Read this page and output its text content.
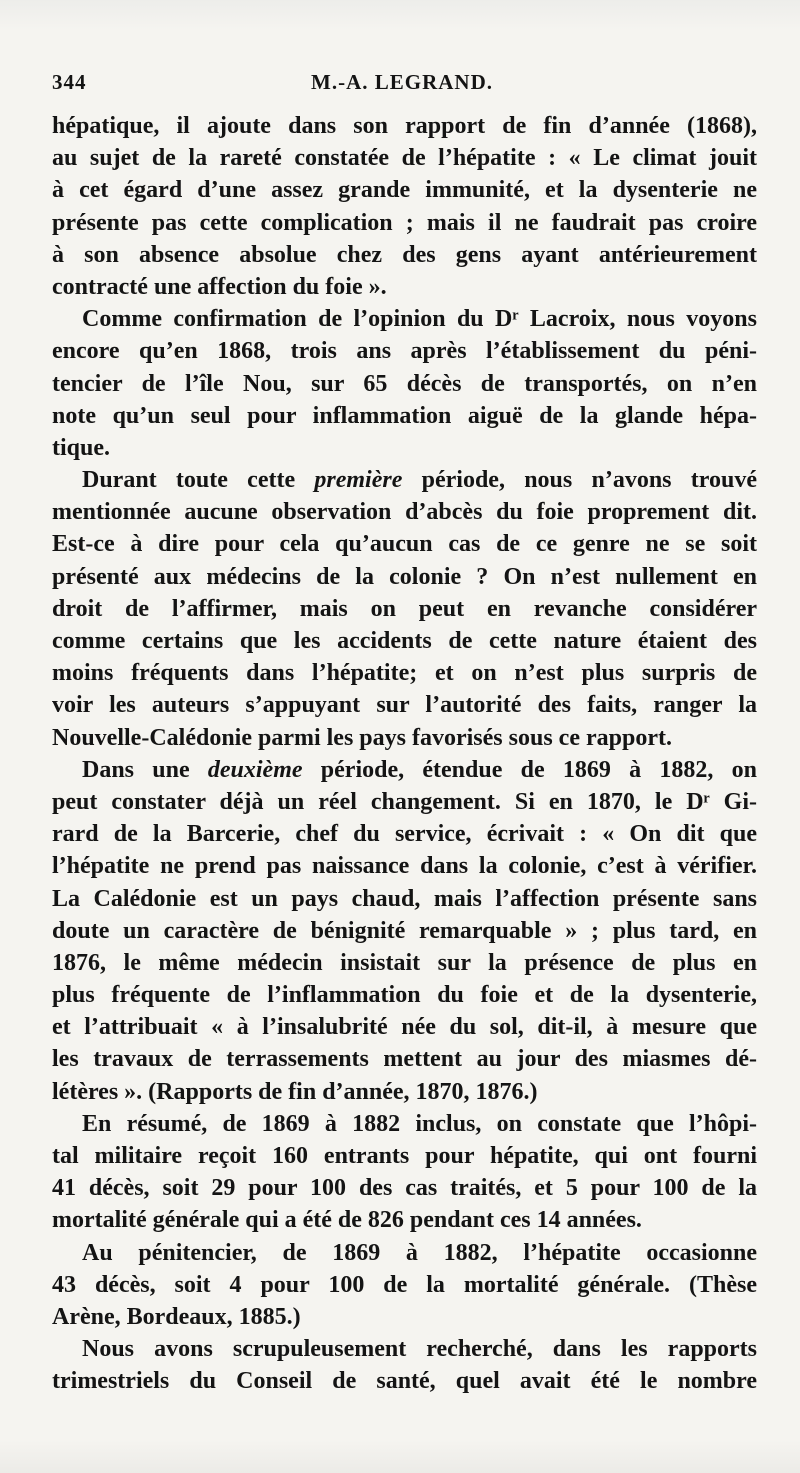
344	M.-A. LEGRAND.
hépatique, il ajoute dans son rapport de fin d’année (1868),
au sujet de la rareté constatée de l’hépatite : « Le climat jouit
à cet égard d’une assez grande immunité, et la dysenterie ne
présente pas cette complication ; mais il ne faudrait pas croire
à son absence absolue chez des gens ayant antérieurement
contracté une affection du foie ».
Comme confirmation de l’opinion du Dʳ Lacroix, nous voyons
encore qu’en 1868, trois ans après l’établissement du péni-
tencier de l’île Nou, sur 65 décès de transportés, on n’en
note qu’un seul pour inflammation aiguë de la glande hépa-
tique.
Durant toute cette première période, nous n’avons trouvé
mentionnée aucune observation d’abcès du foie proprement dit.
Est-ce à dire pour cela qu’aucun cas de ce genre ne se soit
présenté aux médecins de la colonie ? On n’est nullement en
droit de l’affirmer, mais on peut en revanche considérer
comme certains que les accidents de cette nature étaient des
moins fréquents dans l’hépatite; et on n’est plus surpris de
voir les auteurs s’appuyant sur l’autorité des faits, ranger la
Nouvelle-Calédonie parmi les pays favorisés sous ce rapport.
Dans une deuxième période, étendue de 1869 à 1882, on
peut constater déjà un réel changement. Si en 1870, le Dʳ Gi-
rard de la Barcerie, chef du service, écrivait : « On dit que
l’hépatite ne prend pas naissance dans la colonie, c’est à vérifier.
La Calédonie est un pays chaud, mais l’affection présente sans
doute un caractère de bénignité remarquable » ; plus tard, en
1876, le même médecin insistait sur la présence de plus en
plus fréquente de l’inflammation du foie et de la dysenterie,
et l’attribuait « à l’insalubrité née du sol, dit-il, à mesure que
les travaux de terrassements mettent au jour des miasmes dé-
létères ». (Rapports de fin d’année, 1870, 1876.)
En résumé, de 1869 à 1882 inclus, on constate que l’hôpi-
tal militaire reçoit 160 entrants pour hépatite, qui ont fourni
41 décès, soit 29 pour 100 des cas traités, et 5 pour 100 de la
mortalité générale qui a été de 826 pendant ces 14 années.
Au pénitencier, de 1869 à 1882, l’hépatite occasionne
43 décès, soit 4 pour 100 de la mortalité générale. (Thèse
Arène, Bordeaux, 1885.)
Nous avons scrupuleusement recherché, dans les rapports
trimestriels du Conseil de santé, quel avait été le nombre
